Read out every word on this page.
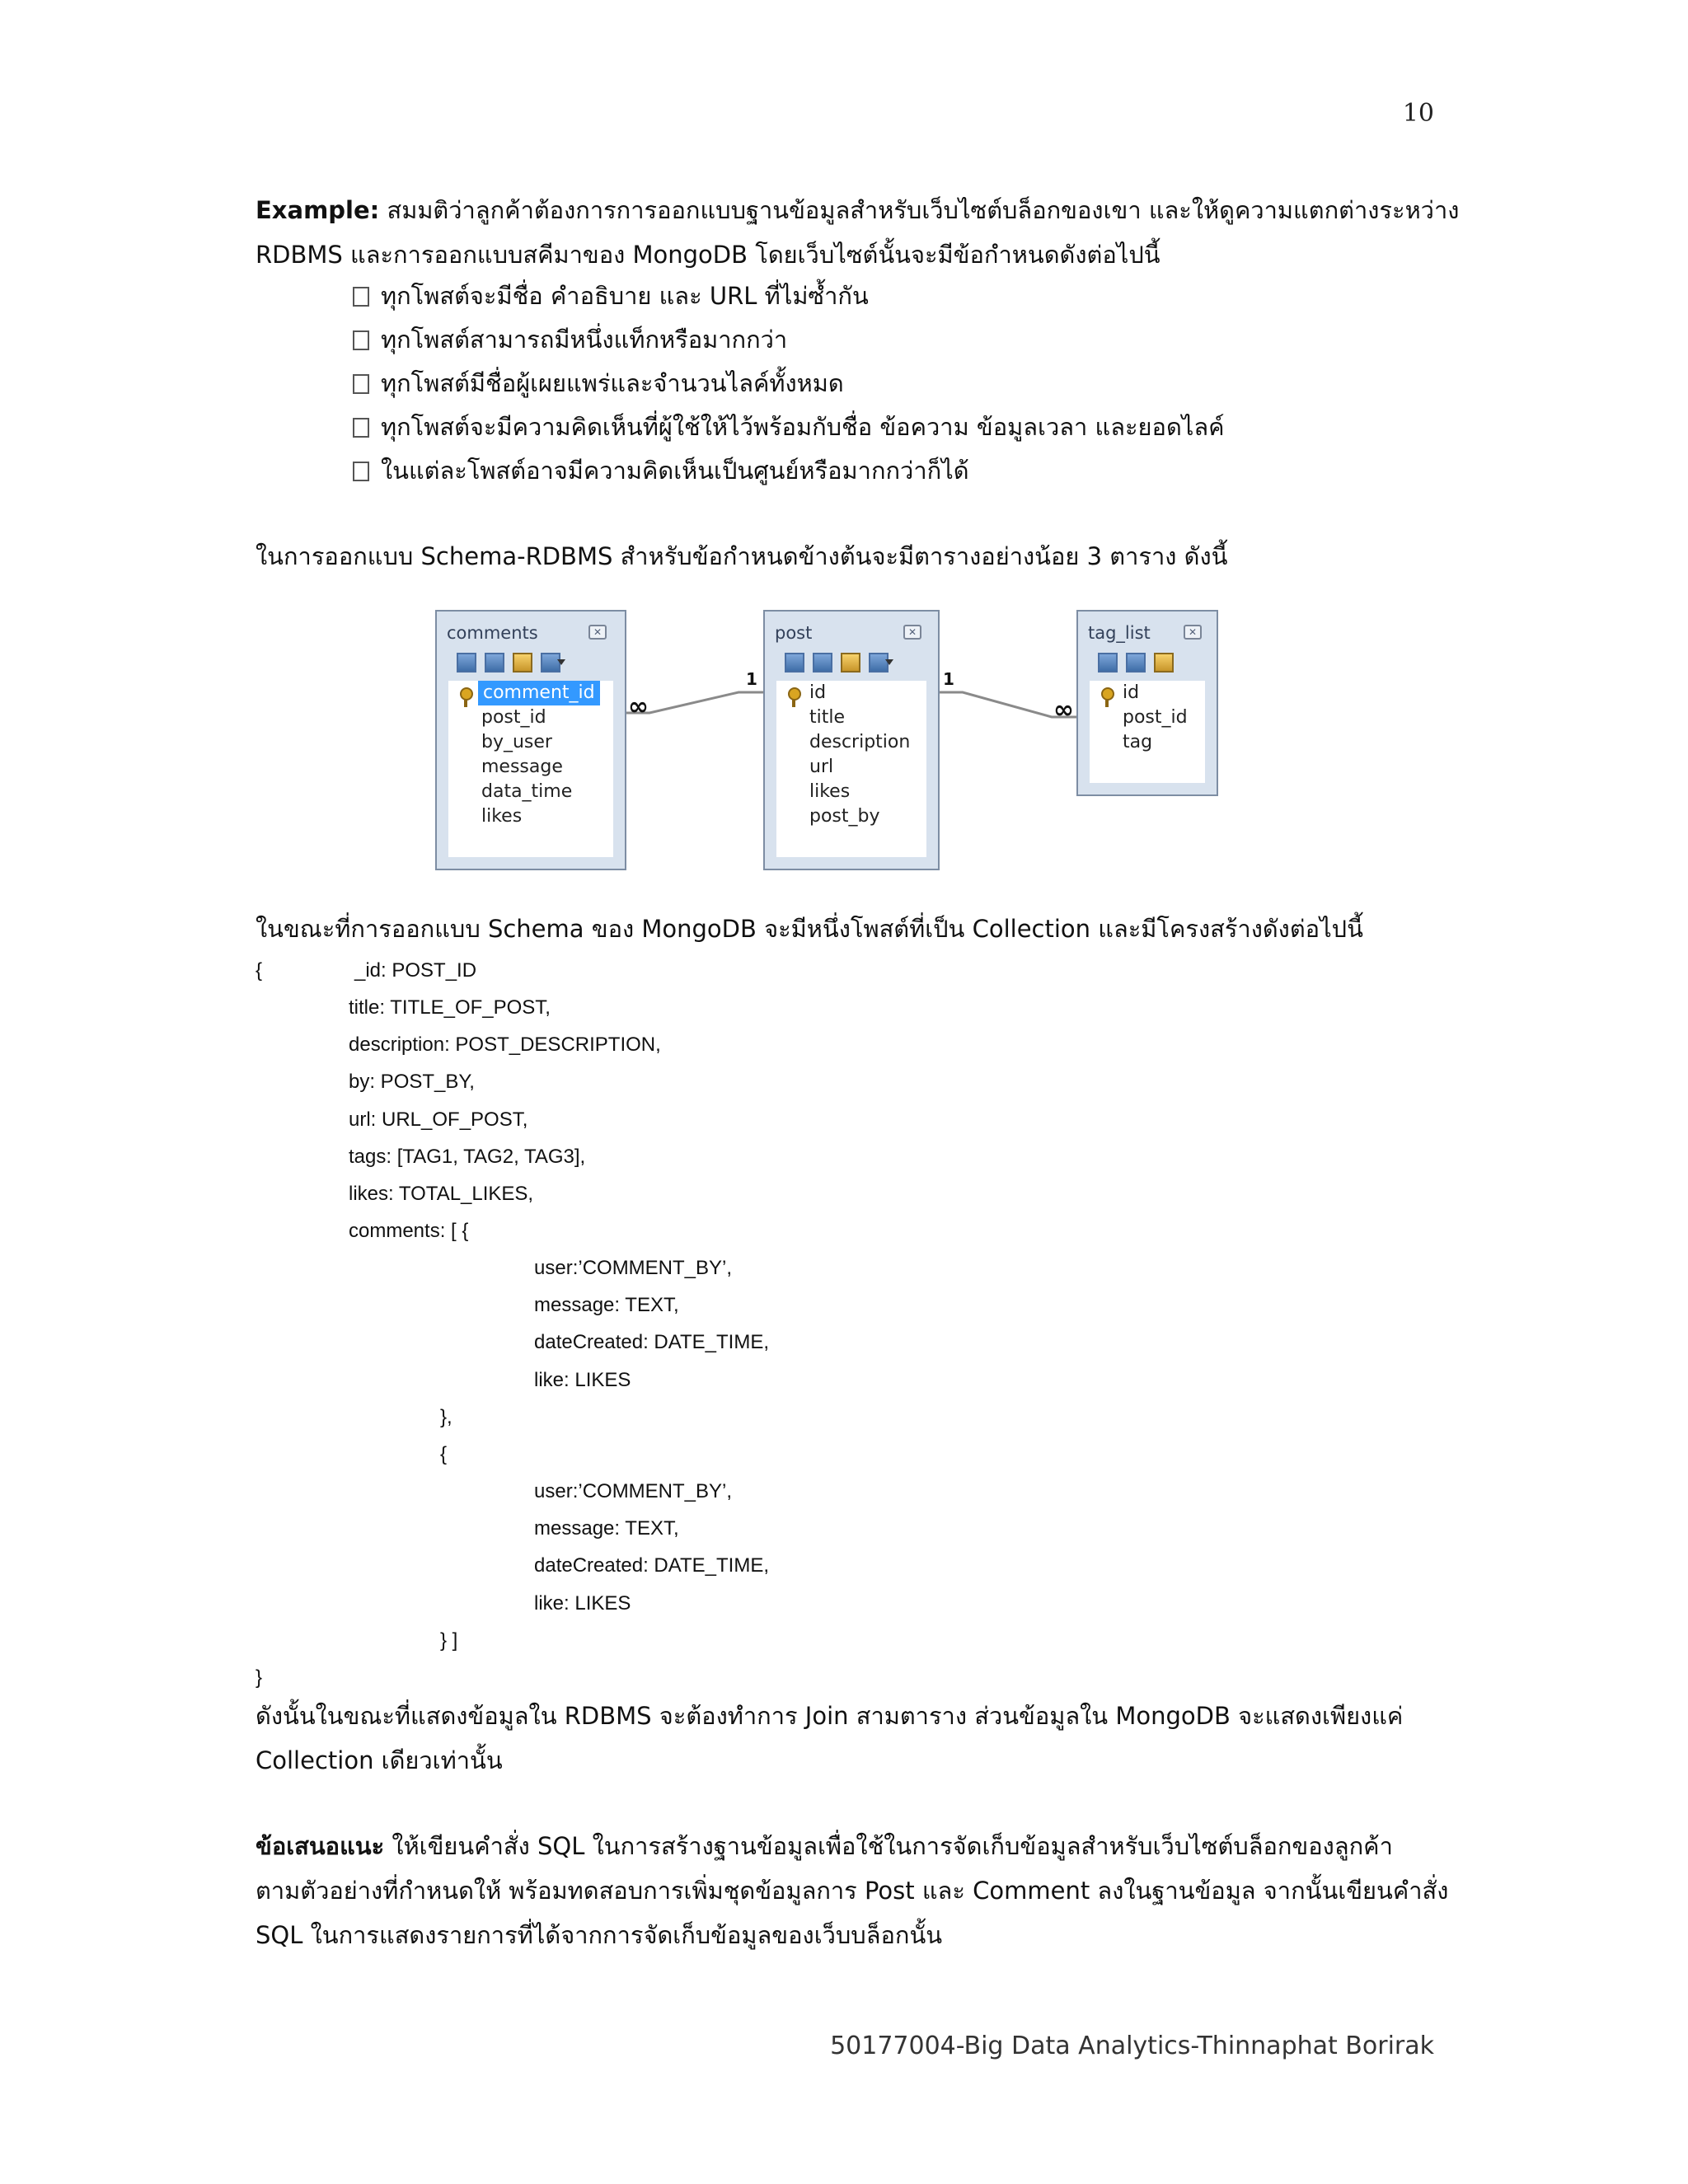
10
Example: สมมติว่าลูกค้าต้องการการออกแบบฐานข้อมูลสำหรับเว็บไซต์บล็อกของเขา และให้ดูความแตกต่างระหว่าง
RDBMS และการออกแบบสคีมาของ MongoDB โดยเว็บไซต์นั้นจะมีข้อกำหนดดังต่อไปนี้
ทุกโพสต์จะมีชื่อ คำอธิบาย และ URL ที่ไม่ซ้ำกัน
ทุกโพสต์สามารถมีหนึ่งแท็กหรือมากกว่า
ทุกโพสต์มีชื่อผู้เผยแพร่และจำนวนไลค์ทั้งหมด
ทุกโพสต์จะมีความคิดเห็นที่ผู้ใช้ให้ไว้พร้อมกับชื่อ ข้อความ ข้อมูลเวลา และยอดไลค์
ในแต่ละโพสต์อาจมีความคิดเห็นเป็นศูนย์หรือมากกว่าก็ได้
ในการออกแบบ Schema-RDBMS สำหรับข้อกำหนดข้างต้นจะมีตารางอย่างน้อย 3 ตาราง ดังนี้
∞
1	1
∞
comments	✕
comment_id
post_id
by_user
message
data_time
likes
post	✕
id
title
description
url
likes
post_by
tag_list	✕
id
post_id
tag
ในขณะที่การออกแบบ Schema ของ MongoDB จะมีหนึ่งโพสต์ที่เป็น Collection และมีโครงสร้างดังต่อไปนี้
{	_id: POST_ID
title: TITLE_OF_POST,
description: POST_DESCRIPTION,
by: POST_BY,
url: URL_OF_POST,
tags: [TAG1, TAG2, TAG3],
likes: TOTAL_LIKES,
comments: [ {
user:’COMMENT_BY’,
message: TEXT,
dateCreated: DATE_TIME,
like: LIKES
},
{
user:’COMMENT_BY’,
message: TEXT,
dateCreated: DATE_TIME,
like: LIKES
} ]
}
ดังนั้นในขณะที่แสดงข้อมูลใน RDBMS จะต้องทำการ Join สามตาราง ส่วนข้อมูลใน MongoDB จะแสดงเพียงแค่
Collection เดียวเท่านั้น
ข้อเสนอแนะ ให้เขียนคำสั่ง SQL ในการสร้างฐานข้อมูลเพื่อใช้ในการจัดเก็บข้อมูลสำหรับเว็บไซต์บล็อกของลูกค้า
ตามตัวอย่างที่กำหนดให้ พร้อมทดสอบการเพิ่มชุดข้อมูลการ Post และ Comment ลงในฐานข้อมูล จากนั้นเขียนคำสั่ง
SQL ในการแสดงรายการที่ได้จากการจัดเก็บข้อมูลของเว็บบล็อกนั้น
50177004-Big Data Analytics-Thinnaphat Borirak
